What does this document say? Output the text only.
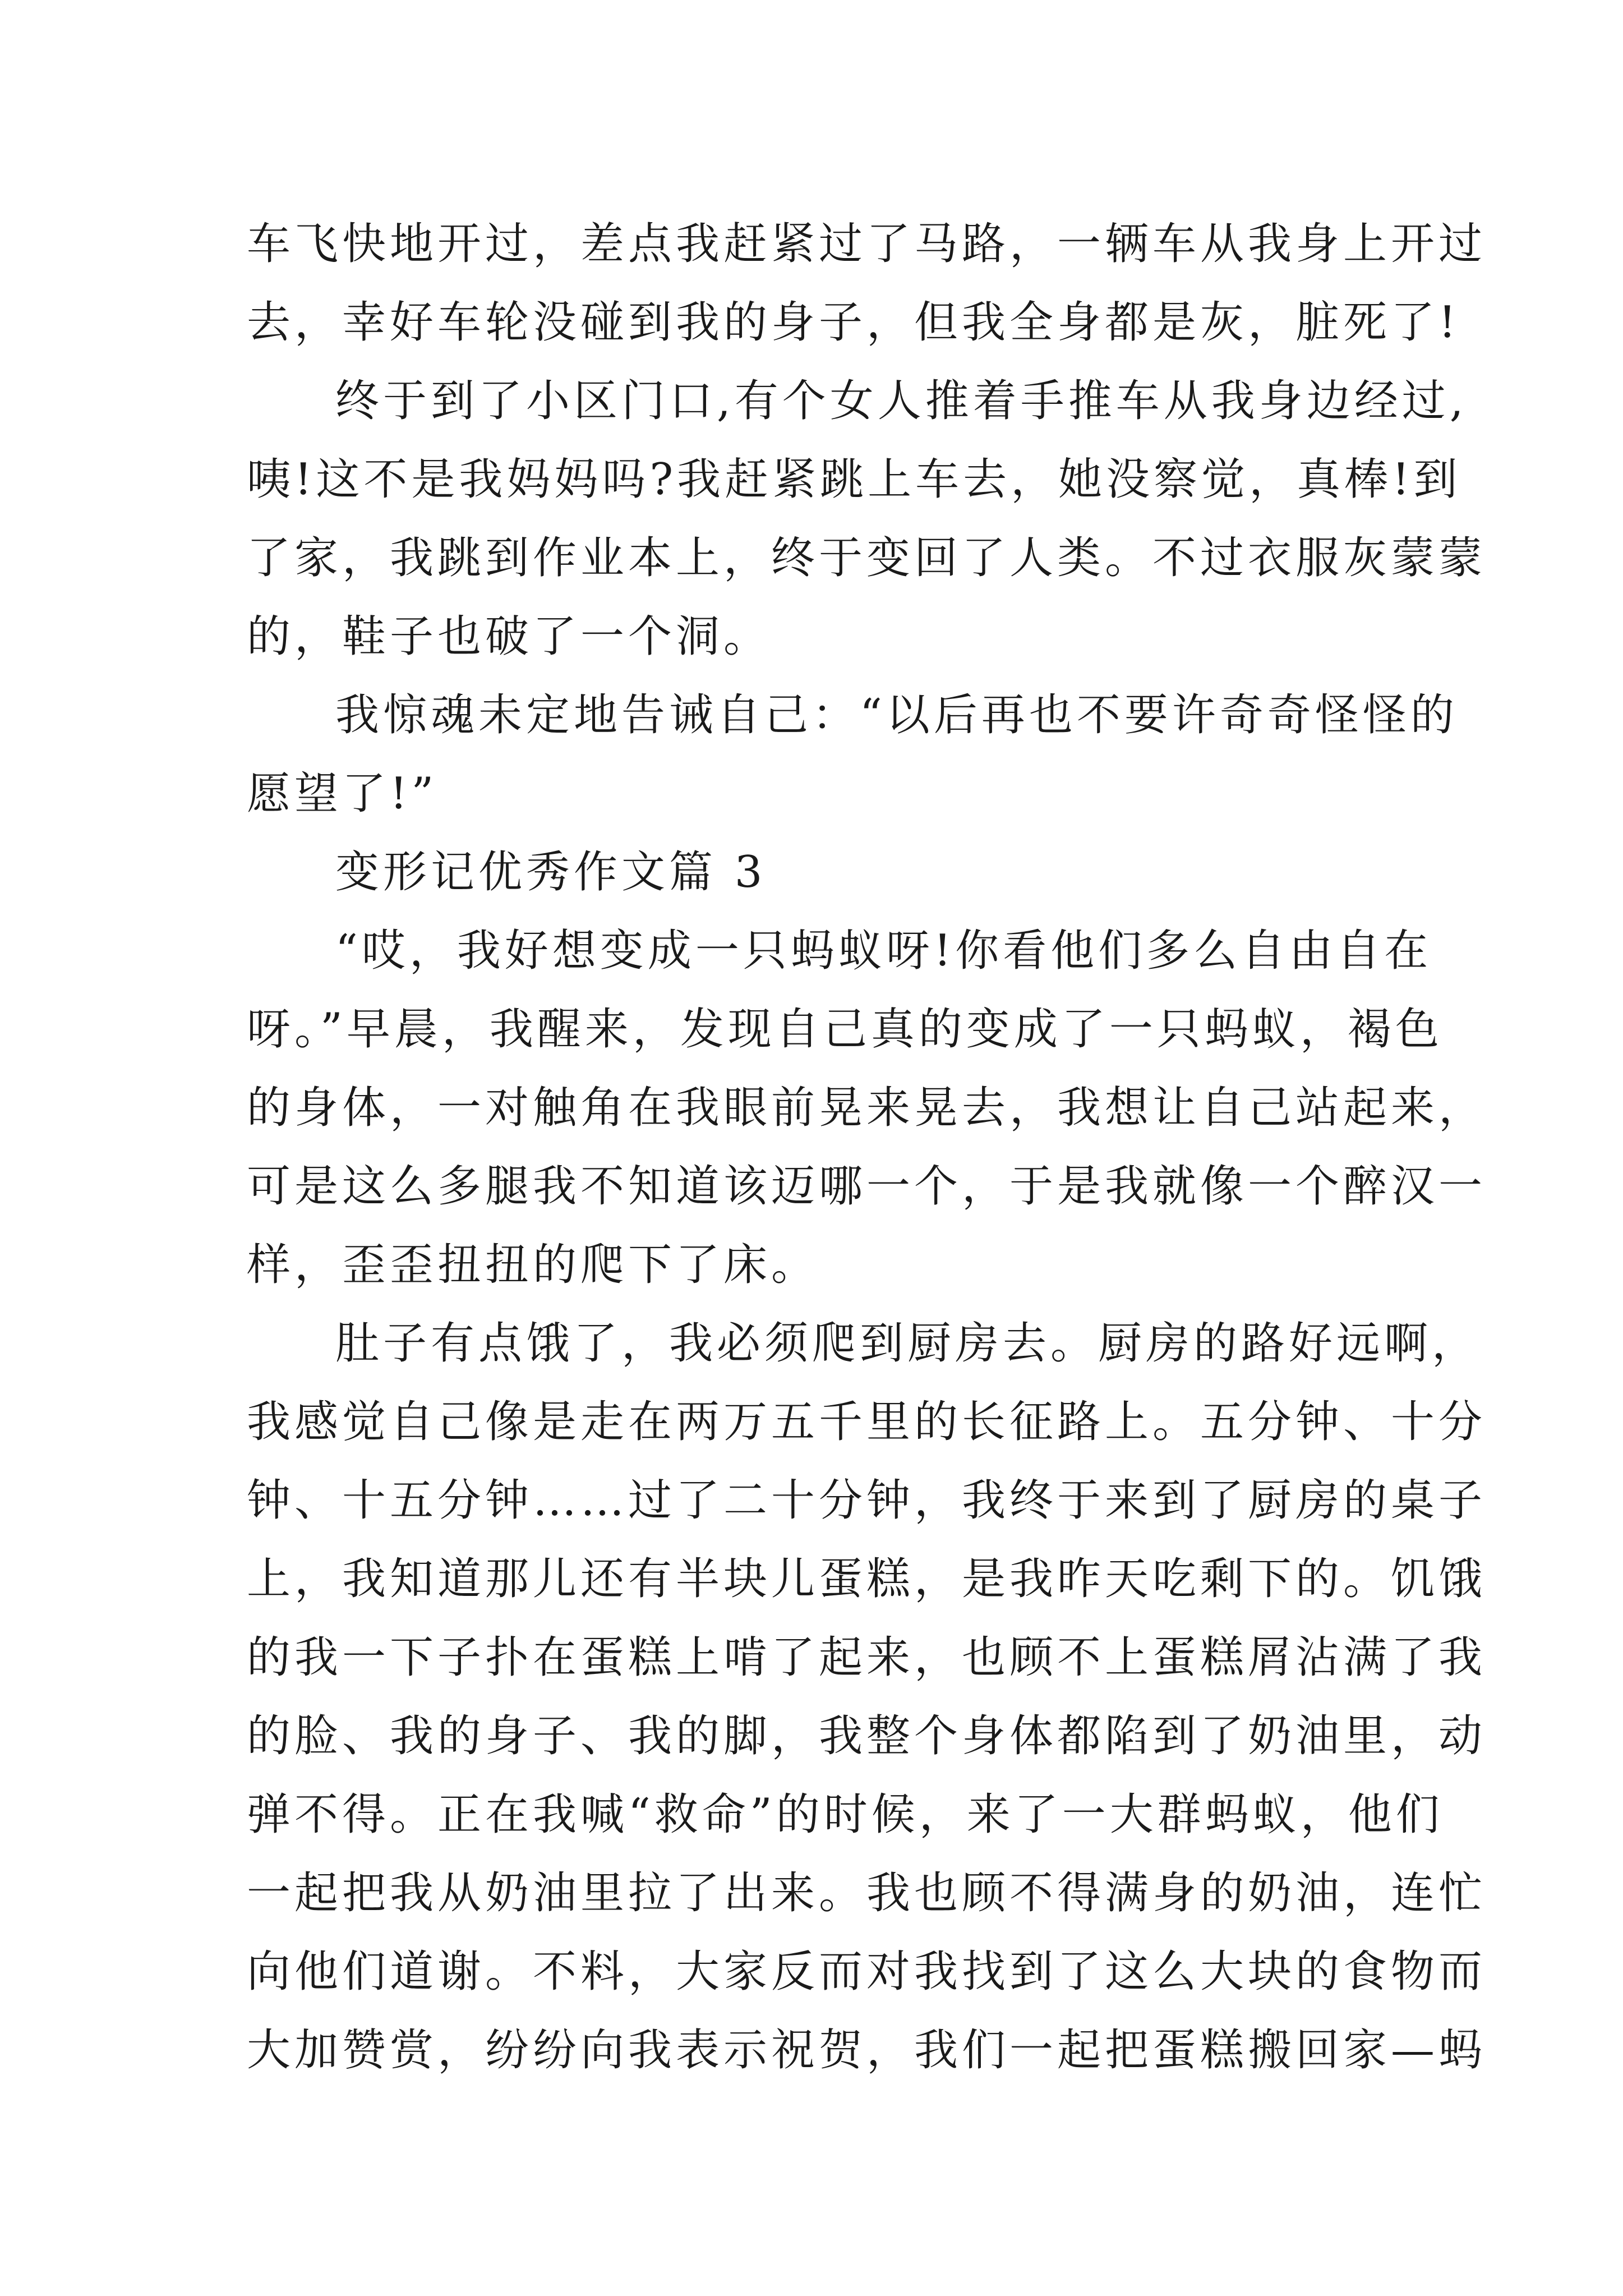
车飞快地开过，差点我赶紧过了马路，一辆车从我身上开过
去，幸好车轮没碰到我的身子，但我全身都是灰，脏死了!
终于到了小区门口,有个女人推着手推车从我身边经过,
咦!这不是我妈妈吗?我赶紧跳上车去，她没察觉，真棒!到
了家，我跳到作业本上，终于变回了人类。不过衣服灰蒙蒙
的，鞋子也破了一个洞。
我惊魂未定地告诫自己：“以后再也不要许奇奇怪怪的
愿望了!”
变形记优秀作文篇 3
“哎，我好想变成一只蚂蚁呀!你看他们多么自由自在
呀。”早晨，我醒来，发现自己真的变成了一只蚂蚁，褐色
的身体，一对触角在我眼前晃来晃去，我想让自己站起来，
可是这么多腿我不知道该迈哪一个，于是我就像一个醉汉一
样，歪歪扭扭的爬下了床。
肚子有点饿了，我必须爬到厨房去。厨房的路好远啊，
我感觉自己像是走在两万五千里的长征路上。五分钟、十分
钟、十五分钟……过了二十分钟，我终于来到了厨房的桌子
上，我知道那儿还有半块儿蛋糕，是我昨天吃剩下的。饥饿
的我一下子扑在蛋糕上啃了起来，也顾不上蛋糕屑沾满了我
的脸、我的身子、我的脚，我整个身体都陷到了奶油里，动
弹不得。正在我喊“救命”的时候，来了一大群蚂蚁，他们
一起把我从奶油里拉了出来。我也顾不得满身的奶油，连忙
向他们道谢。不料，大家反而对我找到了这么大块的食物而
大加赞赏，纷纷向我表示祝贺，我们一起把蛋糕搬回家—蚂
